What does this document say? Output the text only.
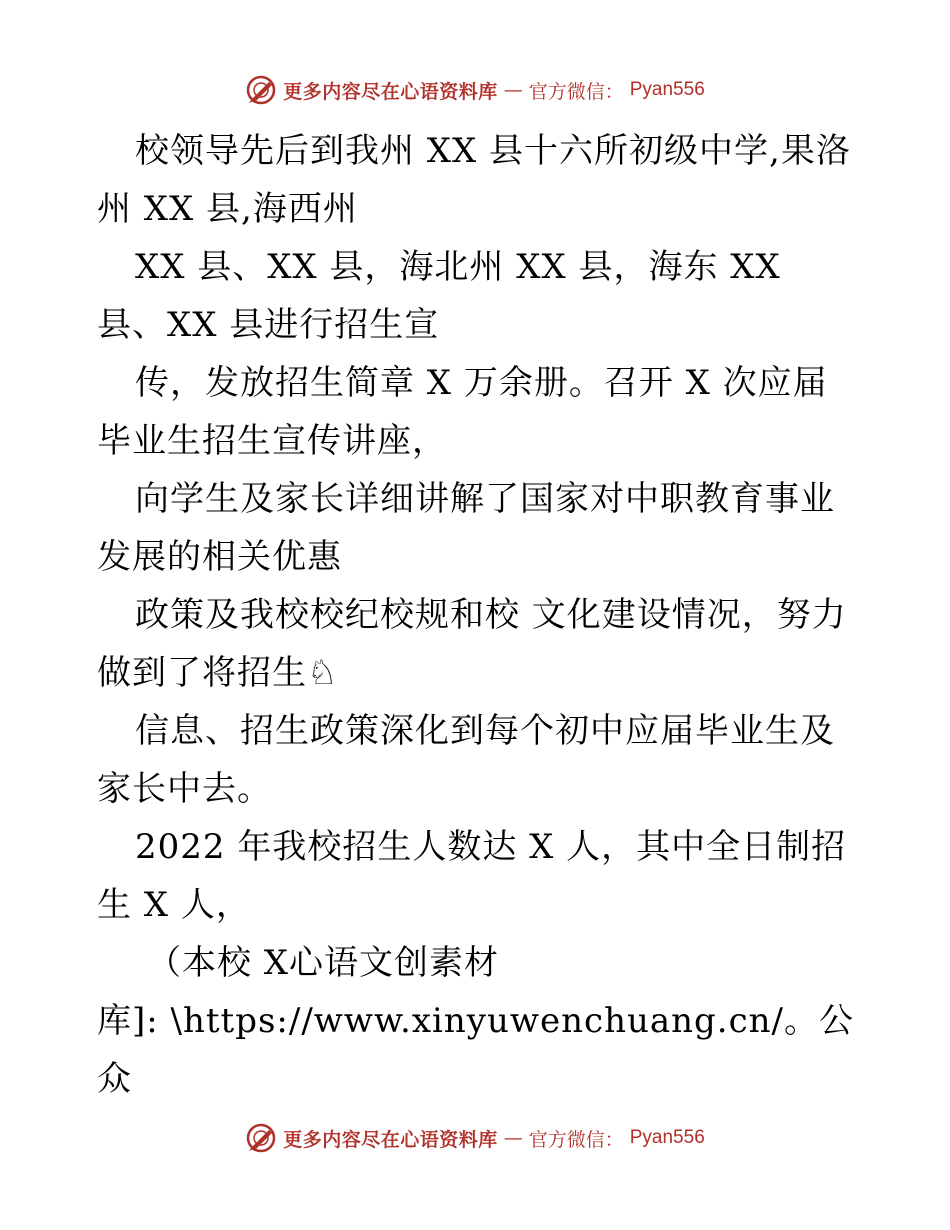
更多内容尽在心语资料库 — 官方微信： Pyan556

校领导先后到我州 XX 县十六所初级中学,果洛州 XX 县,海西州

XX 县、XX 县，海北州 XX 县，海东 XX 县、XX 县进行招生宣

传，发放招生简章 X 万余册。召开 X 次应届毕业生招生宣传讲座，

向学生及家长详细讲解了国家对中职教育事业发展的相关优惠

政策及我校校纪校规和校 文化建设情况，努力做到了将招生♘

信息、招生政策深化到每个初中应届毕业生及家长中去。

2022 年我校招生人数达 X 人，其中全日制招生 X 人，

（本校 X心语文创素材

库]: \https://www.xinyuwenchuang.cn/。公众

更多内容尽在心语资料库 — 官方微信： Pyan556
